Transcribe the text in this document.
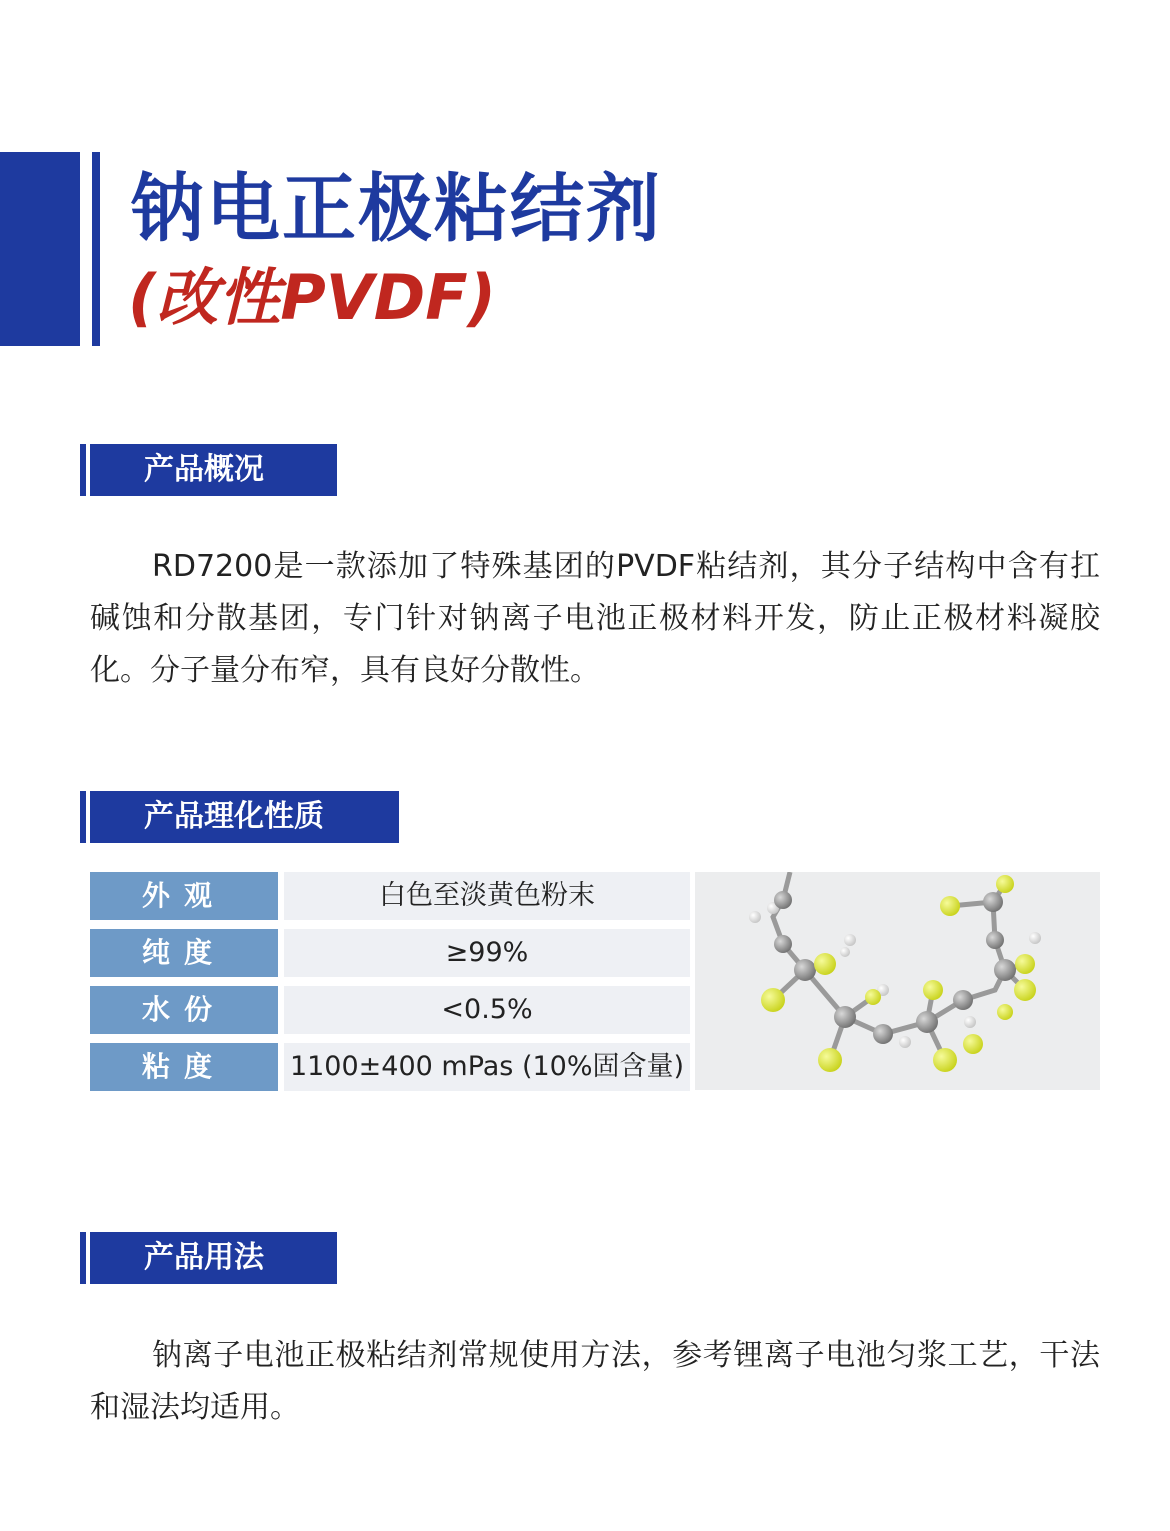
钠电正极粘结剂
(改性PVDF)
产品概况
RD7200是一款添加了特殊基团的PVDF粘结剂，其分子结构中含有扛碱蚀和分散基团，专门针对钠离子电池正极材料开发，防止正极材料凝胶化。分子量分布窄，具有良好分散性。
产品理化性质
外观	白色至淡黄色粉末
纯度	≥99%
水份	<0.5%
粘度	1100±400 mPas (10%固含量)
产品用法
钠离子电池正极粘结剂常规使用方法，参考锂离子电池匀浆工艺，干法和湿法均适用。
